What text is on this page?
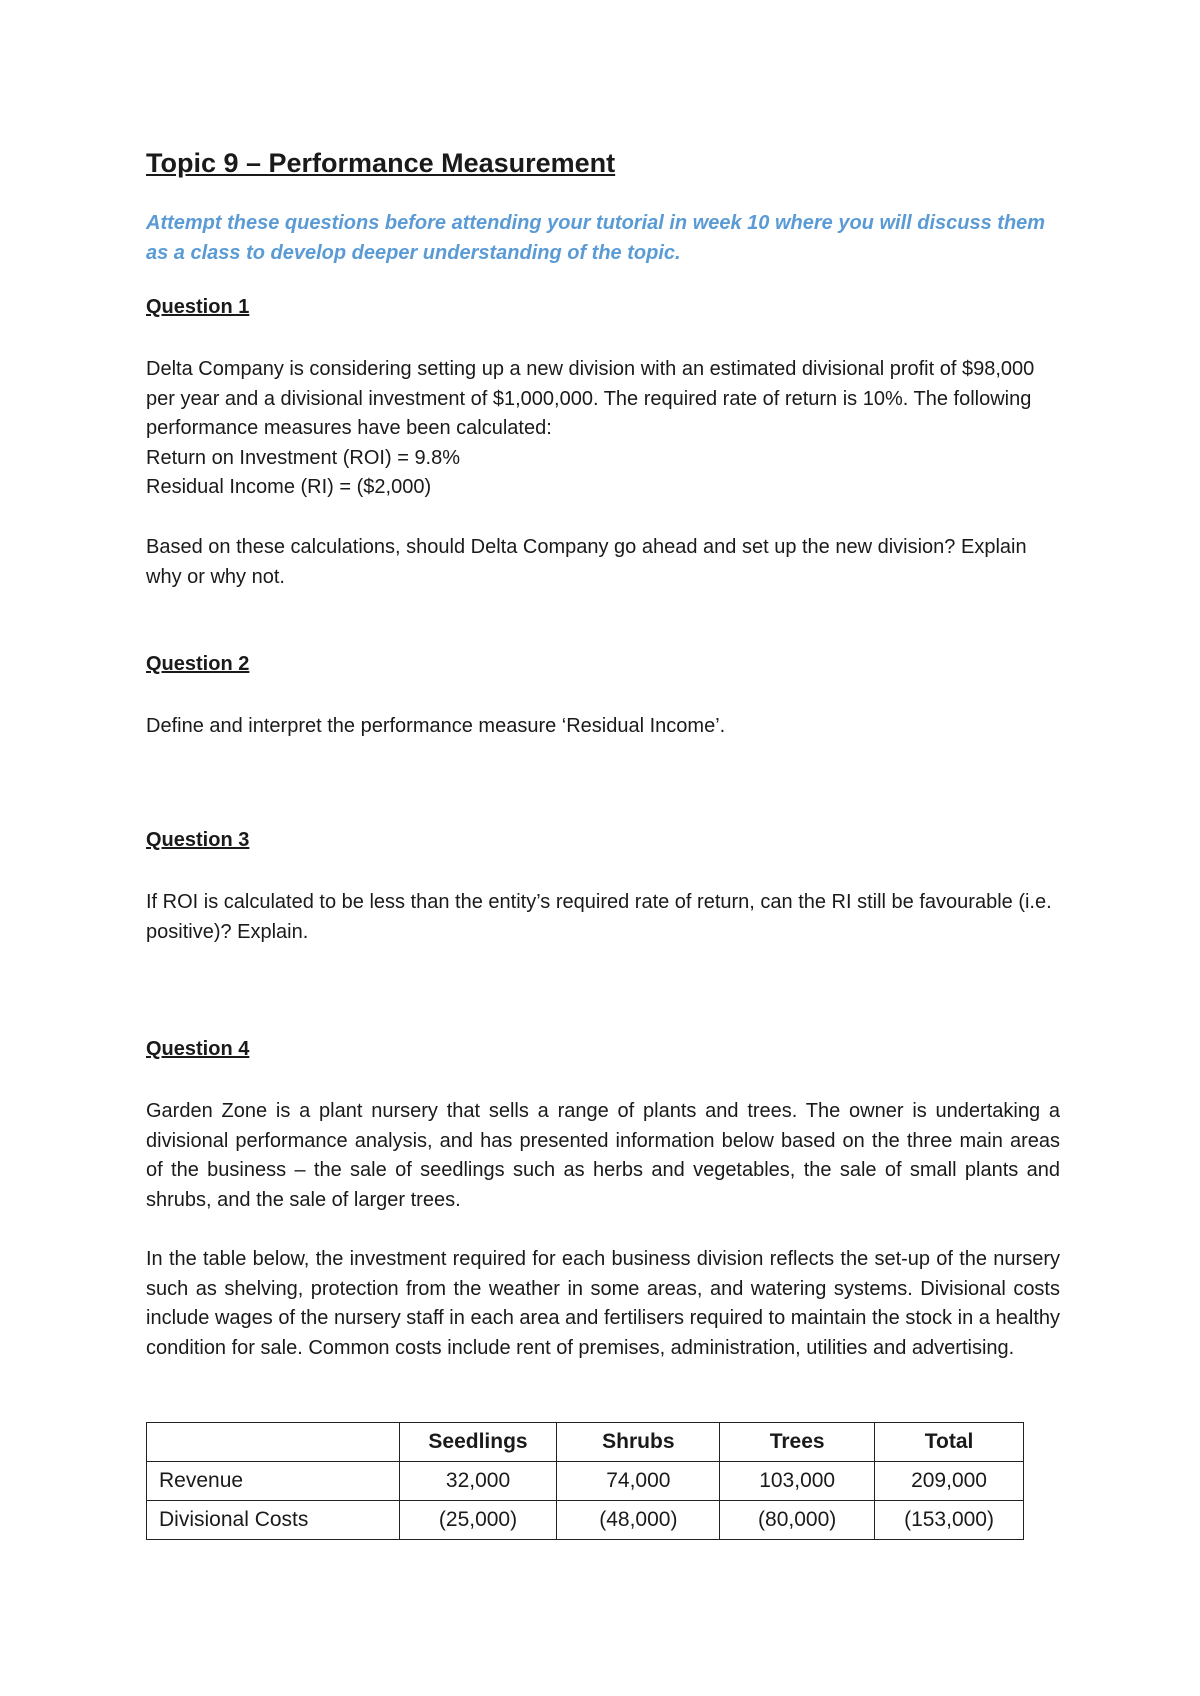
Topic 9 – Performance Measurement

Attempt these questions before attending your tutorial in week 10 where you will discuss them as a class to develop deeper understanding of the topic.

Question 1
Delta Company is considering setting up a new division with an estimated divisional profit of $98,000 per year and a divisional investment of $1,000,000. The required rate of return is 10%. The following performance measures have been calculated:
Return on Investment (ROI) = 9.8%
Residual Income (RI) = ($2,000)

Based on these calculations, should Delta Company go ahead and set up the new division? Explain why or why not.

Question 2

Define and interpret the performance measure ‘Residual Income’.

Question 3

If ROI is calculated to be less than the entity’s required rate of return, can the RI still be favourable (i.e. positive)? Explain.

Question 4

Garden Zone is a plant nursery that sells a range of plants and trees. The owner is undertaking a divisional performance analysis, and has presented information below based on the three main areas of the business – the sale of seedlings such as herbs and vegetables, the sale of small plants and shrubs, and the sale of larger trees.

In the table below, the investment required for each business division reflects the set-up of the nursery such as shelving, protection from the weather in some areas, and watering systems. Divisional costs include wages of the nursery staff in each area and fertilisers required to maintain the stock in a healthy condition for sale. Common costs include rent of premises, administration, utilities and advertising.

	Seedlings	Shrubs	Trees	Total
Revenue	32,000	74,000	103,000	209,000
Divisional Costs	(25,000)	(48,000)	(80,000)	(153,000)
